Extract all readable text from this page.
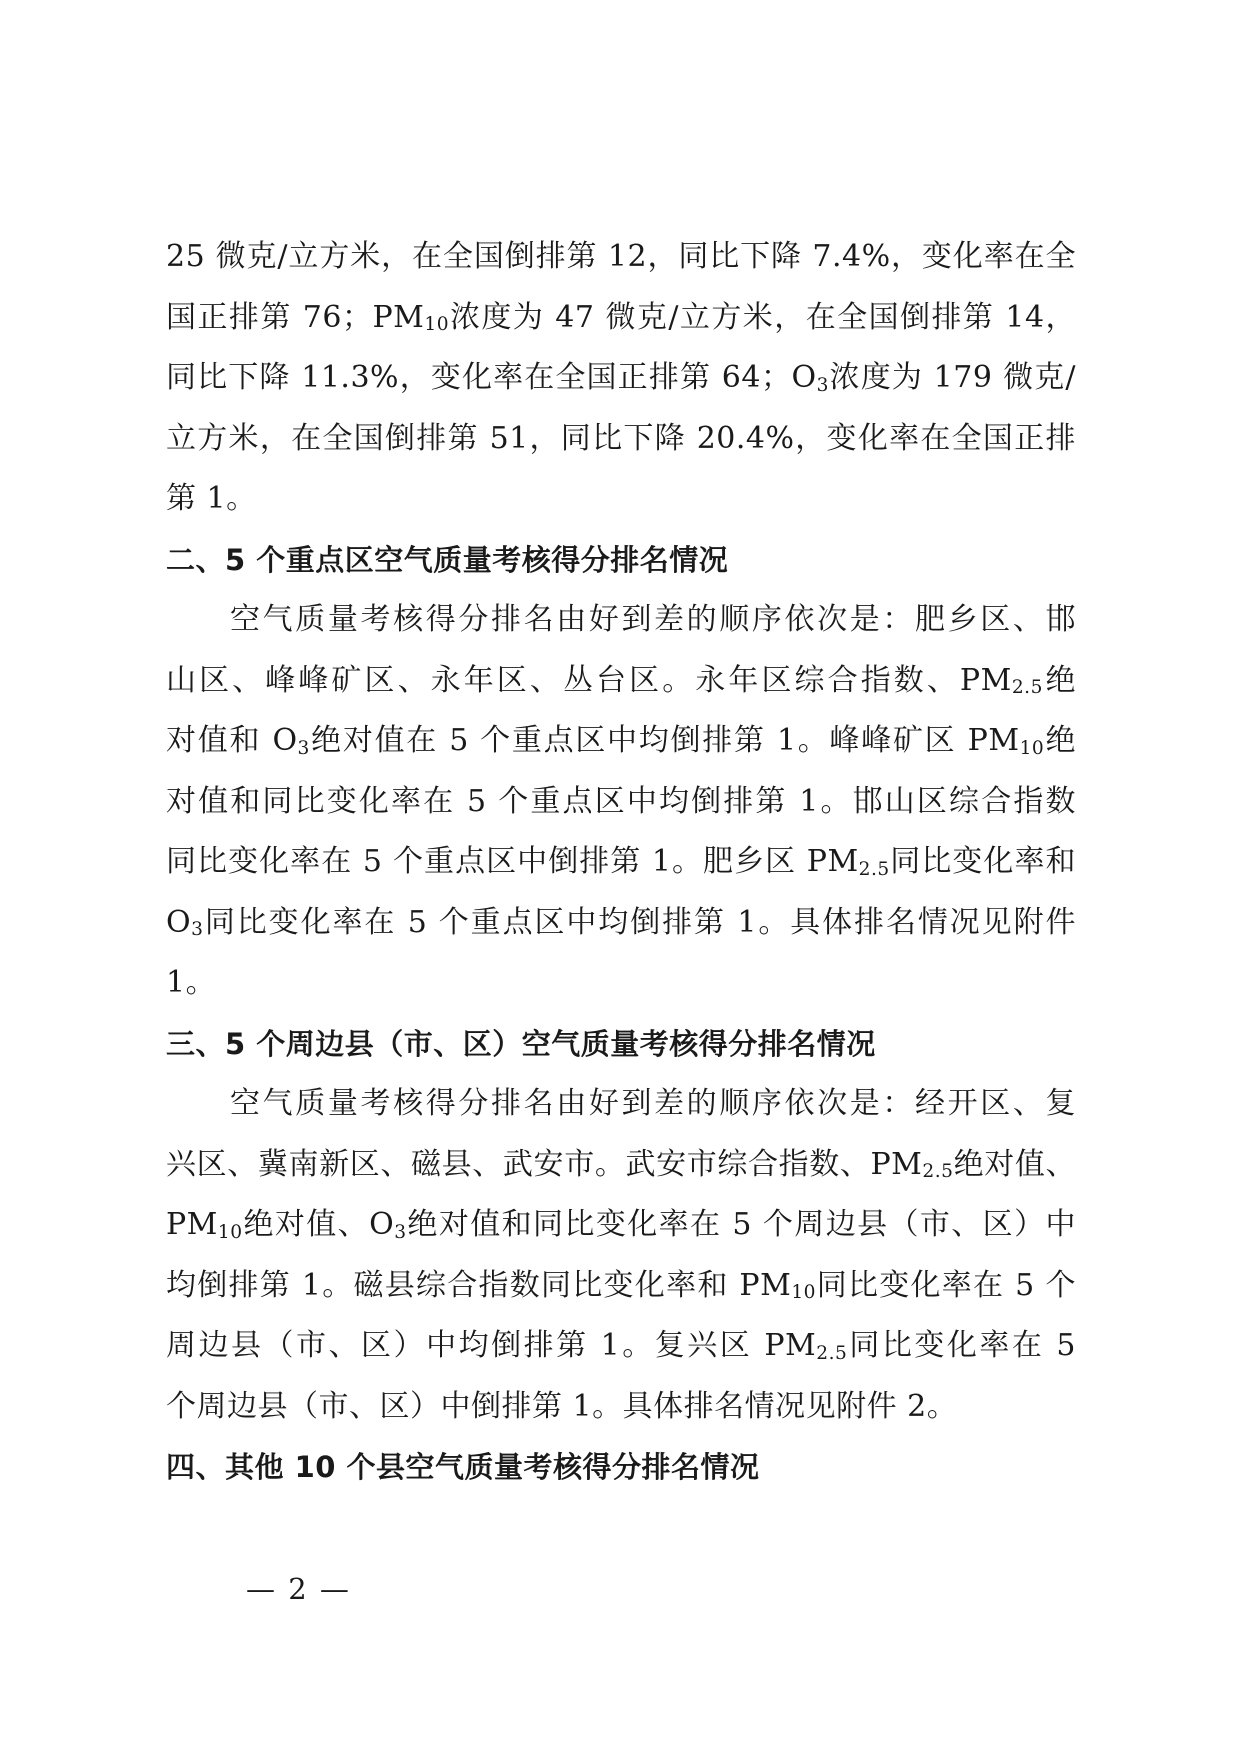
25 微克/立方米，在全国倒排第 12，同比下降 7.4%，变化率在全
国正排第 76；$PM_{10}$浓度为 47 微克/立方米，在全国倒排第 14，
同比下降 11.3%，变化率在全国正排第 64；$O_3$浓度为 179 微克/
立方米，在全国倒排第 51，同比下降 20.4%，变化率在全国正排
第 1。
二、5 个重点区空气质量考核得分排名情况
空气质量考核得分排名由好到差的顺序依次是：肥乡区、邯
山区、峰峰矿区、永年区、丛台区。永年区综合指数、$PM_{2.5}$绝
对值和 $O_3$绝对值在 5 个重点区中均倒排第 1。峰峰矿区 $PM_{10}$绝
对值和同比变化率在 5 个重点区中均倒排第 1。邯山区综合指数
同比变化率在 5 个重点区中倒排第 1。肥乡区 $PM_{2.5}$同比变化率和
$O_3$同比变化率在 5 个重点区中均倒排第 1。具体排名情况见附件
1。
三、5 个周边县（市、区）空气质量考核得分排名情况
空气质量考核得分排名由好到差的顺序依次是：经开区、复
兴区、冀南新区、磁县、武安市。武安市综合指数、$PM_{2.5}$绝对值、
$PM_{10}$绝对值、$O_3$绝对值和同比变化率在 5 个周边县（市、区）中
均倒排第 1。磁县综合指数同比变化率和 $PM_{10}$同比变化率在 5 个
周边县（市、区）中均倒排第 1。复兴区 $PM_{2.5}$同比变化率在 5
个周边县（市、区）中倒排第 1。具体排名情况见附件 2。
四、其他 10 个县空气质量考核得分排名情况
— 2 —
